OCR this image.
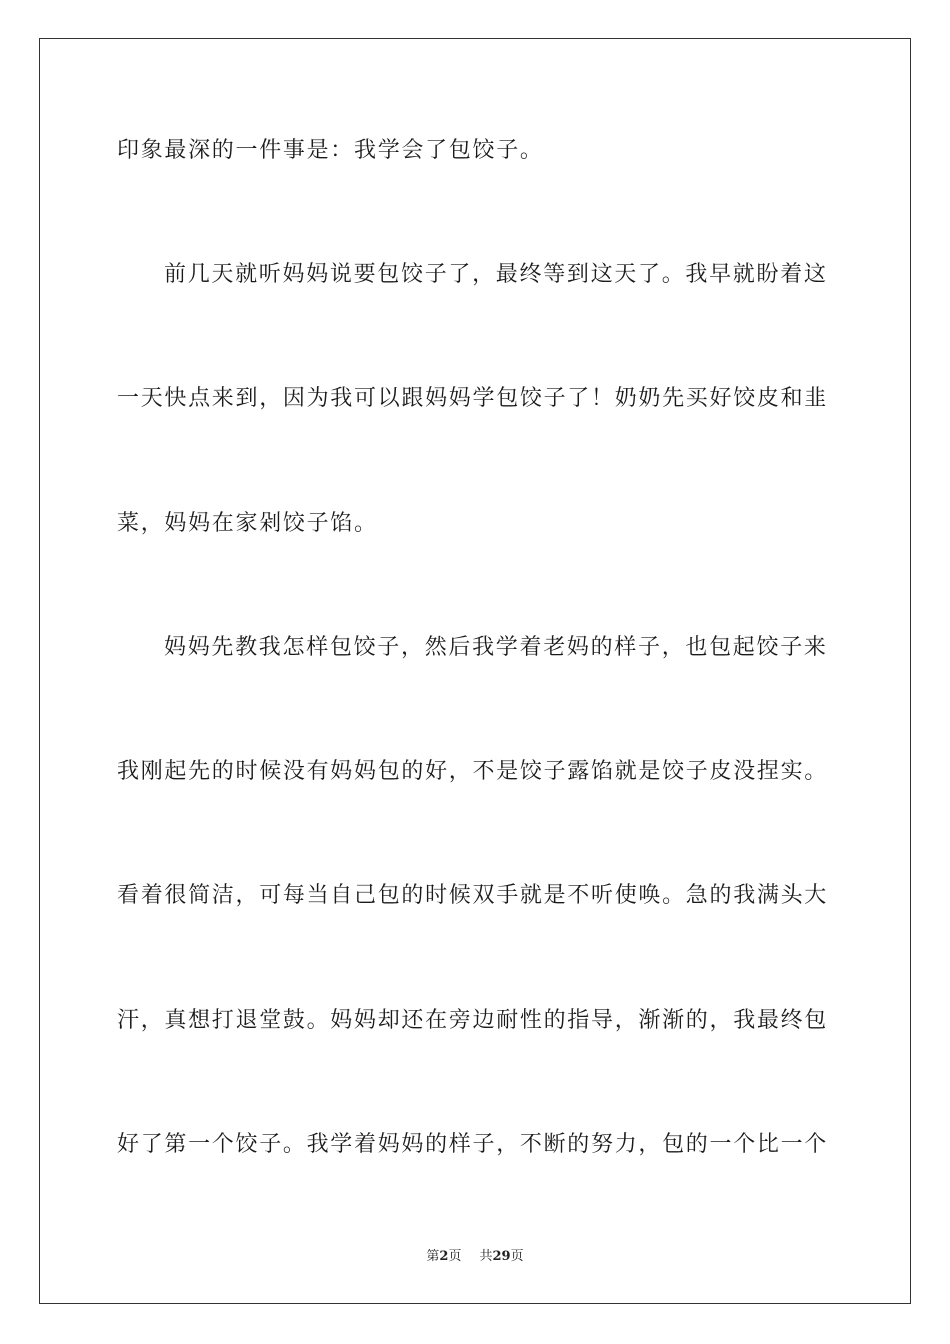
印象最深的一件事是：我学会了包饺子。
前几天就听妈妈说要包饺子了，最终等到这天了。我早就盼着这
一天快点来到，因为我可以跟妈妈学包饺子了！奶奶先买好饺皮和韭
菜，妈妈在家剁饺子馅。
妈妈先教我怎样包饺子，然后我学着老妈的样子，也包起饺子来
我刚起先的时候没有妈妈包的好，不是饺子露馅就是饺子皮没捏实。
看着很简洁，可每当自己包的时候双手就是不听使唤。急的我满头大
汗，真想打退堂鼓。妈妈却还在旁边耐性的指导，渐渐的，我最终包
好了第一个饺子。我学着妈妈的样子，不断的努力，包的一个比一个
第2页 共29页
